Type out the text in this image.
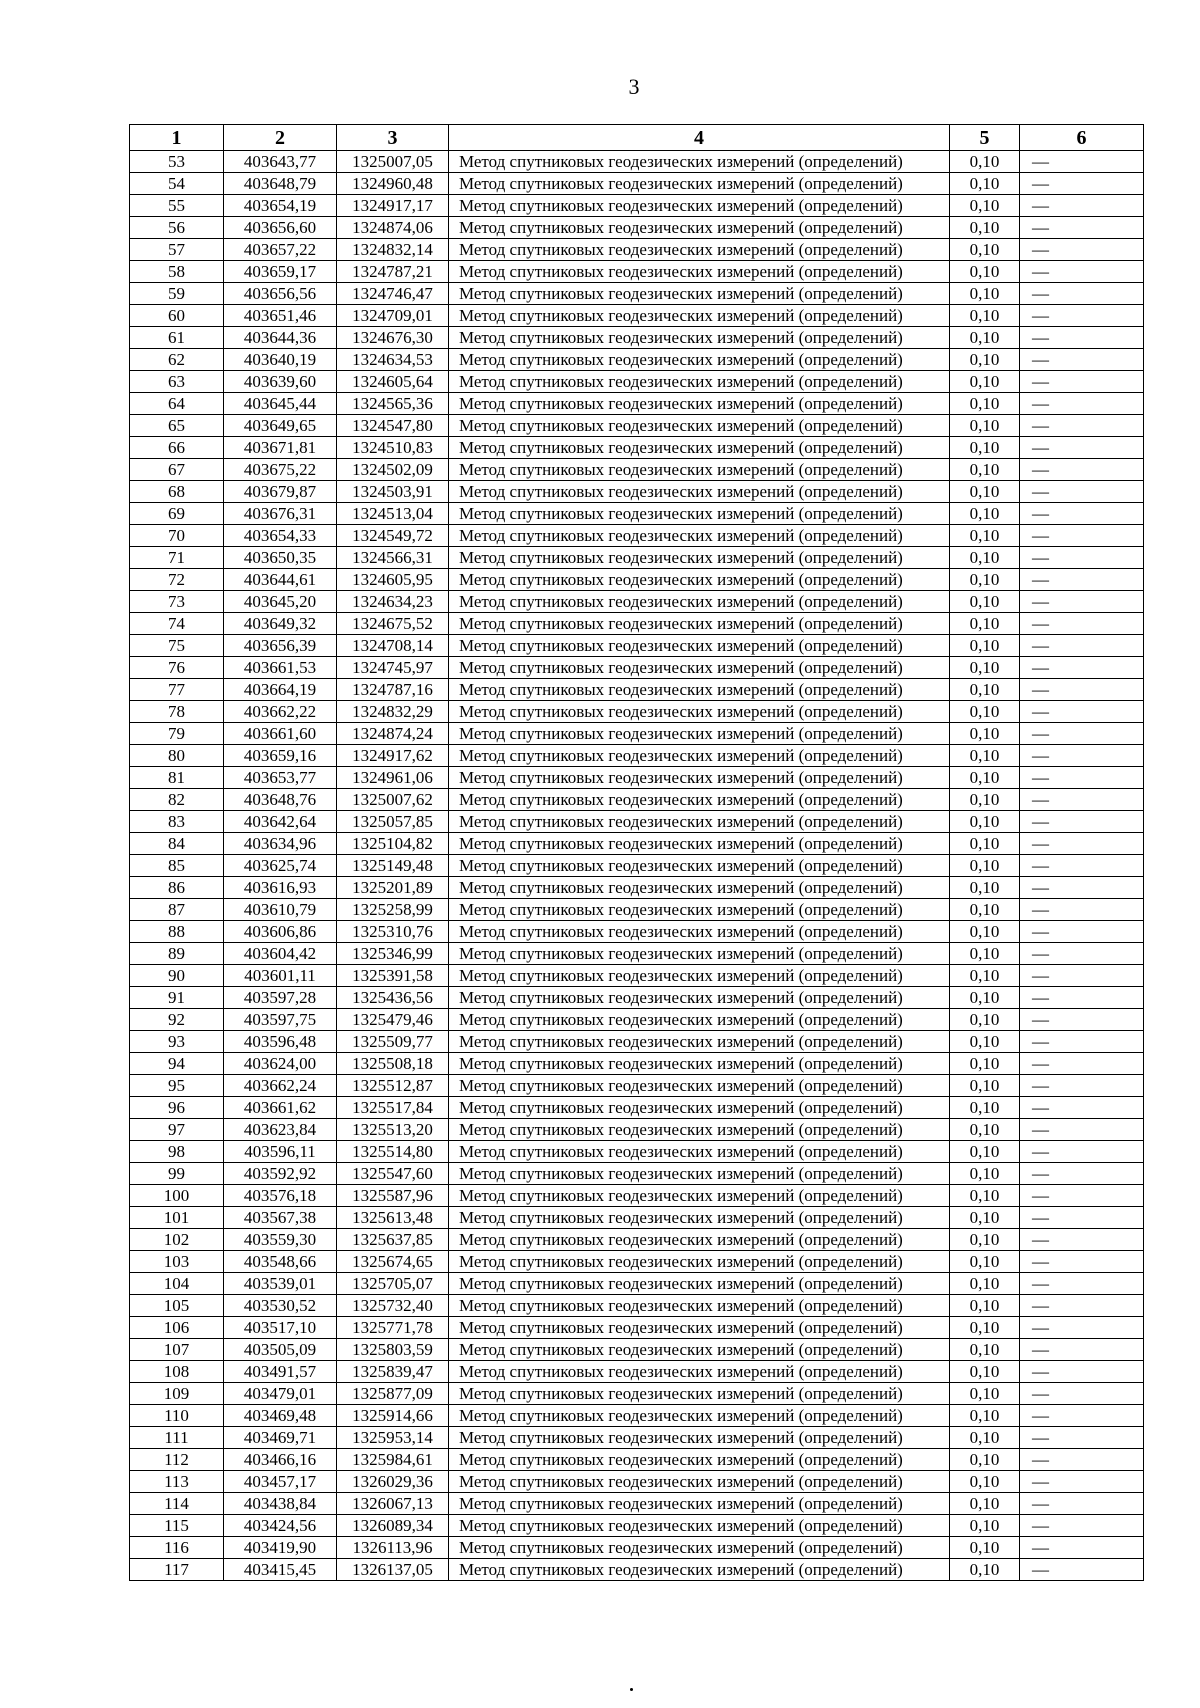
3
1	2	3	4	5	6
53	403643,77	1325007,05	Метод спутниковых геодезических измерений (определений)	0,10	—
54	403648,79	1324960,48	Метод спутниковых геодезических измерений (определений)	0,10	—
55	403654,19	1324917,17	Метод спутниковых геодезических измерений (определений)	0,10	—
56	403656,60	1324874,06	Метод спутниковых геодезических измерений (определений)	0,10	—
57	403657,22	1324832,14	Метод спутниковых геодезических измерений (определений)	0,10	—
58	403659,17	1324787,21	Метод спутниковых геодезических измерений (определений)	0,10	—
59	403656,56	1324746,47	Метод спутниковых геодезических измерений (определений)	0,10	—
60	403651,46	1324709,01	Метод спутниковых геодезических измерений (определений)	0,10	—
61	403644,36	1324676,30	Метод спутниковых геодезических измерений (определений)	0,10	—
62	403640,19	1324634,53	Метод спутниковых геодезических измерений (определений)	0,10	—
63	403639,60	1324605,64	Метод спутниковых геодезических измерений (определений)	0,10	—
64	403645,44	1324565,36	Метод спутниковых геодезических измерений (определений)	0,10	—
65	403649,65	1324547,80	Метод спутниковых геодезических измерений (определений)	0,10	—
66	403671,81	1324510,83	Метод спутниковых геодезических измерений (определений)	0,10	—
67	403675,22	1324502,09	Метод спутниковых геодезических измерений (определений)	0,10	—
68	403679,87	1324503,91	Метод спутниковых геодезических измерений (определений)	0,10	—
69	403676,31	1324513,04	Метод спутниковых геодезических измерений (определений)	0,10	—
70	403654,33	1324549,72	Метод спутниковых геодезических измерений (определений)	0,10	—
71	403650,35	1324566,31	Метод спутниковых геодезических измерений (определений)	0,10	—
72	403644,61	1324605,95	Метод спутниковых геодезических измерений (определений)	0,10	—
73	403645,20	1324634,23	Метод спутниковых геодезических измерений (определений)	0,10	—
74	403649,32	1324675,52	Метод спутниковых геодезических измерений (определений)	0,10	—
75	403656,39	1324708,14	Метод спутниковых геодезических измерений (определений)	0,10	—
76	403661,53	1324745,97	Метод спутниковых геодезических измерений (определений)	0,10	—
77	403664,19	1324787,16	Метод спутниковых геодезических измерений (определений)	0,10	—
78	403662,22	1324832,29	Метод спутниковых геодезических измерений (определений)	0,10	—
79	403661,60	1324874,24	Метод спутниковых геодезических измерений (определений)	0,10	—
80	403659,16	1324917,62	Метод спутниковых геодезических измерений (определений)	0,10	—
81	403653,77	1324961,06	Метод спутниковых геодезических измерений (определений)	0,10	—
82	403648,76	1325007,62	Метод спутниковых геодезических измерений (определений)	0,10	—
83	403642,64	1325057,85	Метод спутниковых геодезических измерений (определений)	0,10	—
84	403634,96	1325104,82	Метод спутниковых геодезических измерений (определений)	0,10	—
85	403625,74	1325149,48	Метод спутниковых геодезических измерений (определений)	0,10	—
86	403616,93	1325201,89	Метод спутниковых геодезических измерений (определений)	0,10	—
87	403610,79	1325258,99	Метод спутниковых геодезических измерений (определений)	0,10	—
88	403606,86	1325310,76	Метод спутниковых геодезических измерений (определений)	0,10	—
89	403604,42	1325346,99	Метод спутниковых геодезических измерений (определений)	0,10	—
90	403601,11	1325391,58	Метод спутниковых геодезических измерений (определений)	0,10	—
91	403597,28	1325436,56	Метод спутниковых геодезических измерений (определений)	0,10	—
92	403597,75	1325479,46	Метод спутниковых геодезических измерений (определений)	0,10	—
93	403596,48	1325509,77	Метод спутниковых геодезических измерений (определений)	0,10	—
94	403624,00	1325508,18	Метод спутниковых геодезических измерений (определений)	0,10	—
95	403662,24	1325512,87	Метод спутниковых геодезических измерений (определений)	0,10	—
96	403661,62	1325517,84	Метод спутниковых геодезических измерений (определений)	0,10	—
97	403623,84	1325513,20	Метод спутниковых геодезических измерений (определений)	0,10	—
98	403596,11	1325514,80	Метод спутниковых геодезических измерений (определений)	0,10	—
99	403592,92	1325547,60	Метод спутниковых геодезических измерений (определений)	0,10	—
100	403576,18	1325587,96	Метод спутниковых геодезических измерений (определений)	0,10	—
101	403567,38	1325613,48	Метод спутниковых геодезических измерений (определений)	0,10	—
102	403559,30	1325637,85	Метод спутниковых геодезических измерений (определений)	0,10	—
103	403548,66	1325674,65	Метод спутниковых геодезических измерений (определений)	0,10	—
104	403539,01	1325705,07	Метод спутниковых геодезических измерений (определений)	0,10	—
105	403530,52	1325732,40	Метод спутниковых геодезических измерений (определений)	0,10	—
106	403517,10	1325771,78	Метод спутниковых геодезических измерений (определений)	0,10	—
107	403505,09	1325803,59	Метод спутниковых геодезических измерений (определений)	0,10	—
108	403491,57	1325839,47	Метод спутниковых геодезических измерений (определений)	0,10	—
109	403479,01	1325877,09	Метод спутниковых геодезических измерений (определений)	0,10	—
110	403469,48	1325914,66	Метод спутниковых геодезических измерений (определений)	0,10	—
111	403469,71	1325953,14	Метод спутниковых геодезических измерений (определений)	0,10	—
112	403466,16	1325984,61	Метод спутниковых геодезических измерений (определений)	0,10	—
113	403457,17	1326029,36	Метод спутниковых геодезических измерений (определений)	0,10	—
114	403438,84	1326067,13	Метод спутниковых геодезических измерений (определений)	0,10	—
115	403424,56	1326089,34	Метод спутниковых геодезических измерений (определений)	0,10	—
116	403419,90	1326113,96	Метод спутниковых геодезических измерений (определений)	0,10	—
117	403415,45	1326137,05	Метод спутниковых геодезических измерений (определений)	0,10	—
